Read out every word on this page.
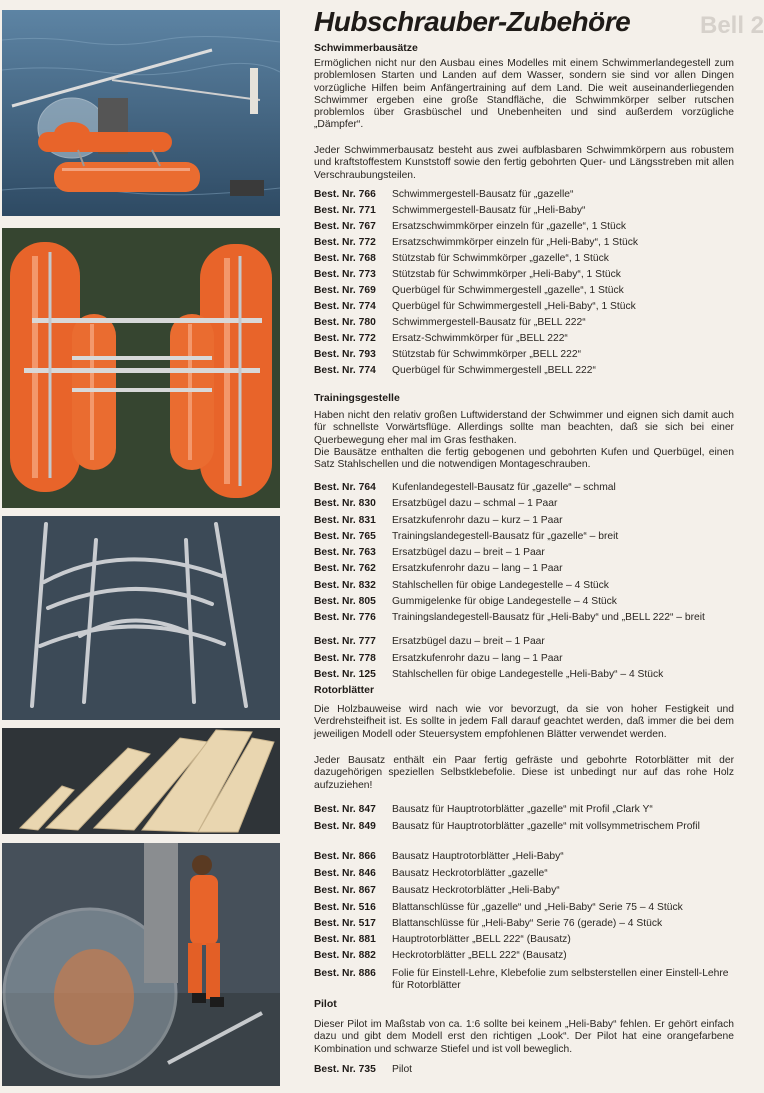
Hubschrauber-Zubehöre	Bell 2
Schwimmerbausätze
Ermöglichen nicht nur den Ausbau eines Modelles mit einem Schwimmerlandegestell zum problemlosen Starten und Landen auf dem Wasser, sondern sie sind vor allen Dingen vorzügliche Hilfen beim Anfängertraining auf dem Land. Die weit auseinanderliegenden Schwimmer ergeben eine große Standfläche, die Schwimmkörper selber rutschen problemlos über Grasbüschel und Unebenheiten und sind außerdem vorzügliche „Dämpfer“.
Jeder Schwimmerbausatz besteht aus zwei aufblasbaren Schwimmkörpern aus robustem und kraftstoffestem Kunststoff sowie den fertig gebohrten Quer- und Längsstreben mit allen Verschraubungsteilen.
Best. Nr. 766	Schwimmergestell-Bausatz für „gazelle“
Best. Nr. 771	Schwimmergestell-Bausatz für „Heli-Baby“
Best. Nr. 767	Ersatzschwimmkörper einzeln für „gazelle“, 1 Stück
Best. Nr. 772	Ersatzschwimmkörper einzeln für „Heli-Baby“, 1 Stück
Best. Nr. 768	Stützstab für Schwimmkörper „gazelle“, 1 Stück
Best. Nr. 773	Stützstab für Schwimmkörper „Heli-Baby“, 1 Stück
Best. Nr. 769	Querbügel für Schwimmergestell „gazelle“, 1 Stück
Best. Nr. 774	Querbügel für Schwimmergestell „Heli-Baby“, 1 Stück
Best. Nr. 780	Schwimmergestell-Bausatz für „BELL 222“
Best. Nr. 772	Ersatz-Schwimmkörper für „BELL 222“
Best. Nr. 793	Stützstab für Schwimmkörper „BELL 222“
Best. Nr. 774	Querbügel für Schwimmergestell „BELL 222“
Trainingsgestelle
Haben nicht den relativ großen Luftwiderstand der Schwimmer und eignen sich damit auch für schnellste Vorwärtsflüge. Allerdings sollte man beachten, daß sie sich bei einer Querbewegung eher mal im Gras festhaken.
Die Bausätze enthalten die fertig gebogenen und gebohrten Kufen und Querbügel, einen Satz Stahlschellen und die notwendigen Montageschrauben.
Best. Nr. 764	Kufenlandegestell-Bausatz für „gazelle“ – schmal
Best. Nr. 830	Ersatzbügel dazu – schmal – 1 Paar
Best. Nr. 831	Ersatzkufenrohr dazu – kurz – 1 Paar
Best. Nr. 765	Trainingslandegestell-Bausatz für „gazelle“ – breit
Best. Nr. 763	Ersatzbügel dazu – breit – 1 Paar
Best. Nr. 762	Ersatzkufenrohr dazu – lang – 1 Paar
Best. Nr. 832	Stahlschellen für obige Landegestelle – 4 Stück
Best. Nr. 805	Gummigelenke für obige Landegestelle – 4 Stück
Best. Nr. 776	Trainingslandegestell-Bausatz für „Heli-Baby“ und „BELL 222“ – breit
Best. Nr. 777	Ersatzbügel dazu – breit – 1 Paar
Best. Nr. 778	Ersatzkufenrohr dazu – lang – 1 Paar
Best. Nr. 125	Stahlschellen für obige Landegestelle „Heli-Baby“ – 4 Stück
Rotorblätter
Die Holzbauweise wird nach wie vor bevorzugt, da sie von hoher Festigkeit und Verdrehsteifheit ist. Es sollte in jedem Fall darauf geachtet werden, daß immer die bei dem jeweiligen Modell oder Steuersystem empfohlenen Blätter verwendet werden.
Jeder Bausatz enthält ein Paar fertig gefräste und gebohrte Rotorblätter mit der dazugehörigen speziellen Selbstklebefolie. Diese ist unbedingt nur auf das rohe Holz aufzuziehen!
Best. Nr. 847	Bausatz für Hauptrotorblätter „gazelle“ mit Profil „Clark Y“
Best. Nr. 849	Bausatz für Hauptrotorblätter „gazelle“ mit vollsymmetrischem Profil
Best. Nr. 866	Bausatz Hauptrotorblätter „Heli-Baby“
Best. Nr. 846	Bausatz Heckrotorblätter „gazelle“
Best. Nr. 867	Bausatz Heckrotorblätter „Heli-Baby“
Best. Nr. 516	Blattanschlüsse für „gazelle“ und „Heli-Baby“ Serie 75 – 4 Stück
Best. Nr. 517	Blattanschlüsse für „Heli-Baby“ Serie 76 (gerade) – 4 Stück
Best. Nr. 881	Hauptrotorblätter „BELL 222“ (Bausatz)
Best. Nr. 882	Heckrotorblätter „BELL 222“ (Bausatz)
Best. Nr. 886	Folie für Einstell-Lehre, Klebefolie zum selbsterstellen einer Einstell-Lehre für Rotorblätter
Pilot
Dieser Pilot im Maßstab von ca. 1:6 sollte bei keinem „Heli-Baby“ fehlen. Er gehört einfach dazu und gibt dem Modell erst den richtigen „Look“. Der Pilot hat eine orangefarbene Kombination und schwarze Stiefel und ist voll beweglich.
Best. Nr. 735	Pilot
